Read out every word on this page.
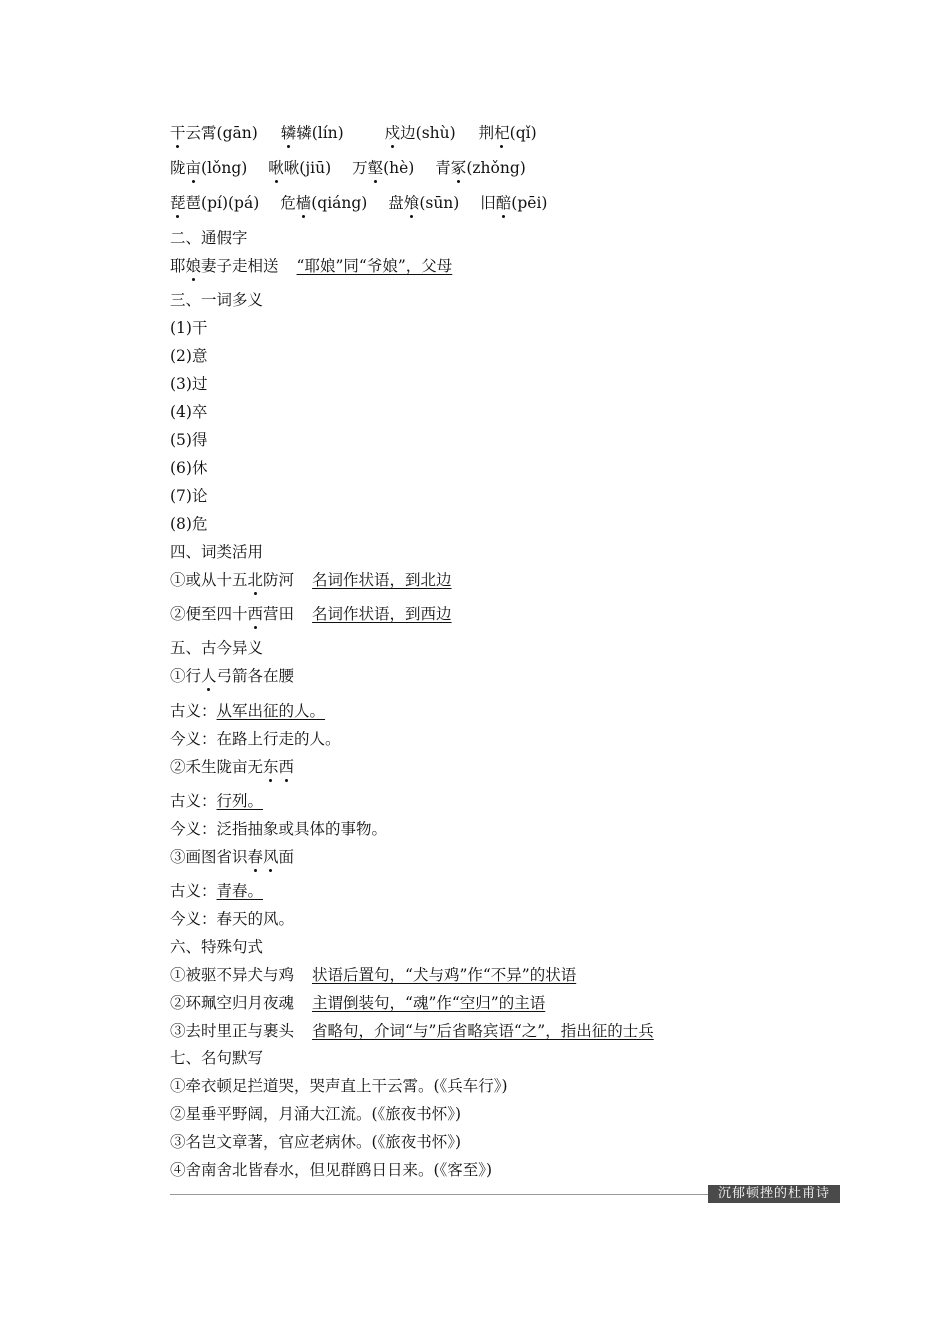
干云霄(gān) 辚辚(lín)	戍边(shù) 荆杞(qǐ)
陇亩(lǒng) 啾啾(jiū) 万壑(hè) 青冢(zhǒng)
琵琶(pí)(pá) 危樯(qiáng) 盘飧(sūn) 旧醅(pēi)
二、通假字
耶娘妻子走相送 “耶娘”同“爷娘”，父母
三、一词多义
(1)干
(2)意
(3)过
(4)卒
(5)得
(6)休
(7)论
(8)危
四、词类活用
①或从十五北防河 名词作状语，到北边
②便至四十西营田 名词作状语，到西边
五、古今异义
①行人弓箭各在腰
古义：从军出征的人。
今义：在路上行走的人。
②禾生陇亩无东西
古义：行列。
今义：泛指抽象或具体的事物。
③画图省识春风面
古义：青春。
今义：春天的风。
六、特殊句式
①被驱不异犬与鸡 状语后置句，“犬与鸡”作“不异”的状语
②环珮空归月夜魂 主谓倒装句，“魂”作“空归”的主语
③去时里正与裹头 省略句，介词“与”后省略宾语“之”，指出征的士兵
七、名句默写
①牵衣顿足拦道哭，哭声直上干云霄。(《兵车行》)
②星垂平野阔，月涌大江流。(《旅夜书怀》)
③名岂文章著，官应老病休。(《旅夜书怀》)
④舍南舍北皆春水，但见群鸥日日来。(《客至》)
沉郁顿挫的杜甫诗
